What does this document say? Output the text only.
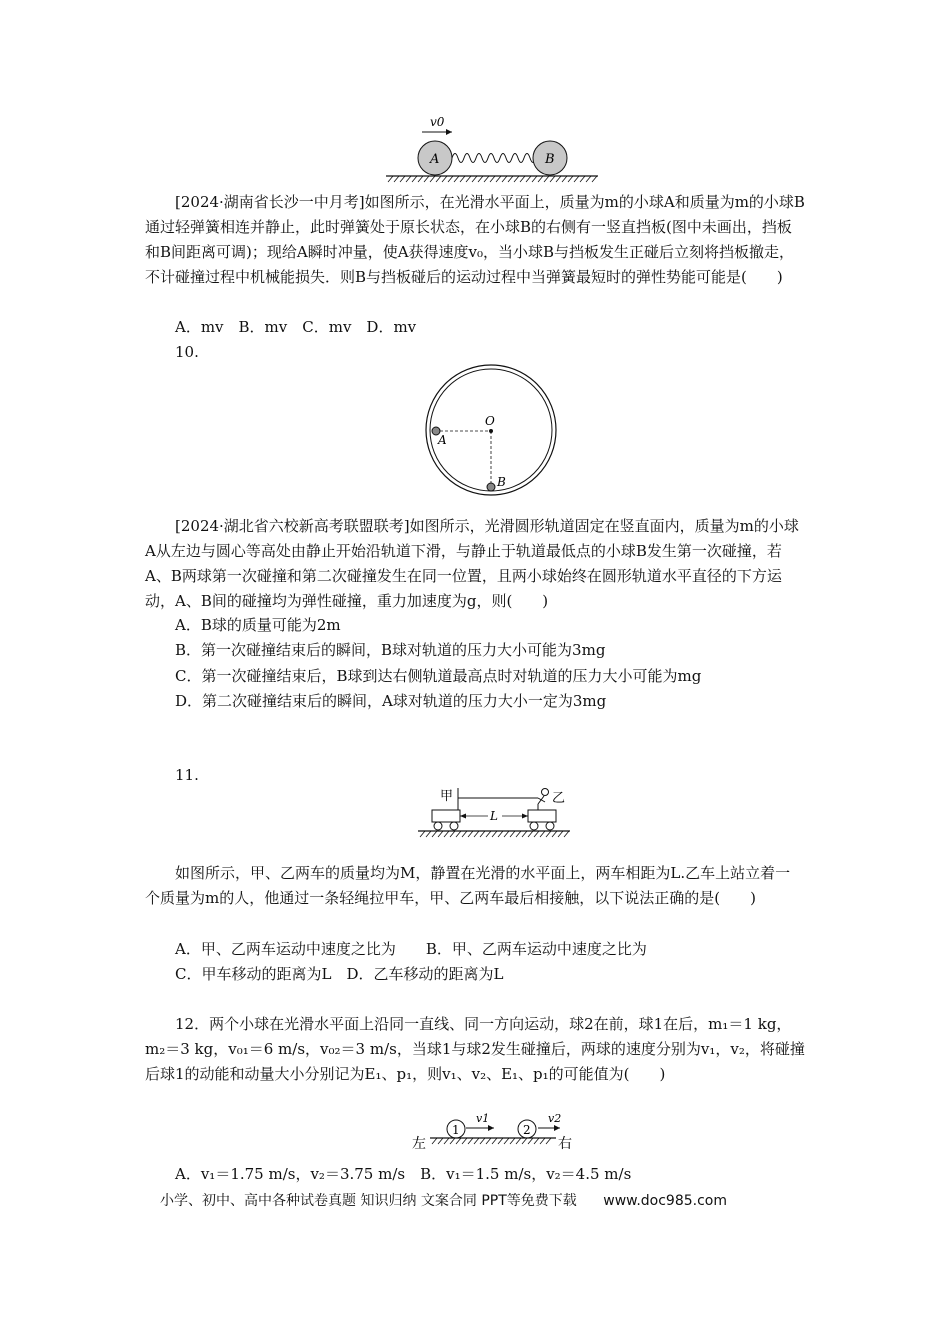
v0
A	B

[2024·湖南省长沙一中月考]如图所示，在光滑水平面上，质量为m的小球A和质量为m的小球B通过轻弹簧相连并静止，此时弹簧处于原长状态，在小球B的右侧有一竖直挡板(图中未画出，挡板和B间距离可调)；现给A瞬时冲量，使A获得速度v₀，当小球B与挡板发生正碰后立刻将挡板撤走，不计碰撞过程中机械能损失．则B与挡板碰后的运动过程中当弹簧最短时的弹性势能可能是(　　)

A．mv　B．mv　C．mv　D．mv
10.
O
A
B

[2024·湖北省六校新高考联盟联考]如图所示，光滑圆形轨道固定在竖直面内，质量为m的小球A从左边与圆心等高处由静止开始沿轨道下滑，与静止于轨道最低点的小球B发生第一次碰撞，若A、B两球第一次碰撞和第二次碰撞发生在同一位置，且两小球始终在圆形轨道水平直径的下方运动，A、B间的碰撞均为弹性碰撞，重力加速度为g，则(　　)

A．B球的质量可能为2m
B．第一次碰撞结束后的瞬间，B球对轨道的压力大小可能为3mg
C．第一次碰撞结束后，B球到达右侧轨道最高点时对轨道的压力大小可能为mg
D．第二次碰撞结束后的瞬间，A球对轨道的压力大小一定为3mg
11.
甲	乙
L

如图所示，甲、乙两车的质量均为M，静置在光滑的水平面上，两车相距为L.乙车上站立着一个质量为m的人，他通过一条轻绳拉甲车，甲、乙两车最后相接触，以下说法正确的是(　　)

A．甲、乙两车运动中速度之比为　　B．甲、乙两车运动中速度之比为
C．甲车移动的距离为L　D．乙车移动的距离为L

12．两个小球在光滑水平面上沿同一直线、同一方向运动，球2在前，球1在后，m₁＝1 kg，m₂＝3 kg，v₀₁＝6 m/s，v₀₂＝3 m/s，当球1与球2发生碰撞后，两球的速度分别为v₁，v₂，将碰撞后球1的动能和动量大小分别记为E₁、p₁，则v₁、v₂、E₁、p₁的可能值为(　　)

左	右
v1	v2
1	2
A．v₁＝1.75 m/s，v₂＝3.75 m/s　B．v₁＝1.5 m/s，v₂＝4.5 m/s
小学、初中、高中各种试卷真题 知识归纳 文案合同 PPT等免费下载 www.doc985.com
